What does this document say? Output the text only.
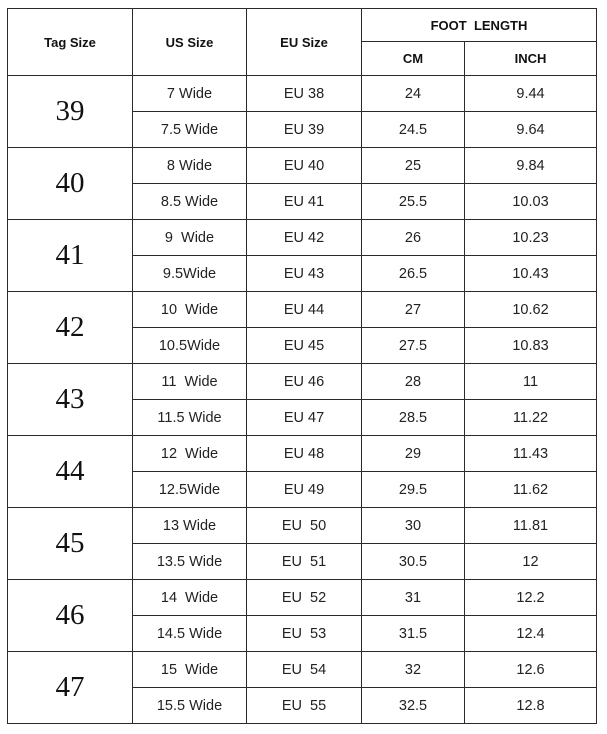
Tag Size	US Size	EU Size	FOOT  LENGTH	
			CM	INCH
39	7 Wide	EU 38	24	9.44
	7.5 Wide	EU 39	24.5	9.64
40	8 Wide	EU 40	25	9.84
	8.5 Wide	EU 41	25.5	10.03
41	9  Wide	EU 42	26	10.23
	9.5Wide	EU 43	26.5	10.43
42	10  Wide	EU 44	27	10.62
	10.5Wide	EU 45	27.5	10.83
43	11  Wide	EU 46	28	11
	11.5 Wide	EU 47	28.5	11.22
44	12  Wide	EU 48	29	11.43
	12.5Wide	EU 49	29.5	11.62
45	13 Wide	EU  50	30	11.81
	13.5 Wide	EU  51	30.5	12
46	14  Wide	EU  52	31	12.2
	14.5 Wide	EU  53	31.5	12.4
47	15  Wide	EU  54	32	12.6
	15.5 Wide	EU  55	32.5	12.8
